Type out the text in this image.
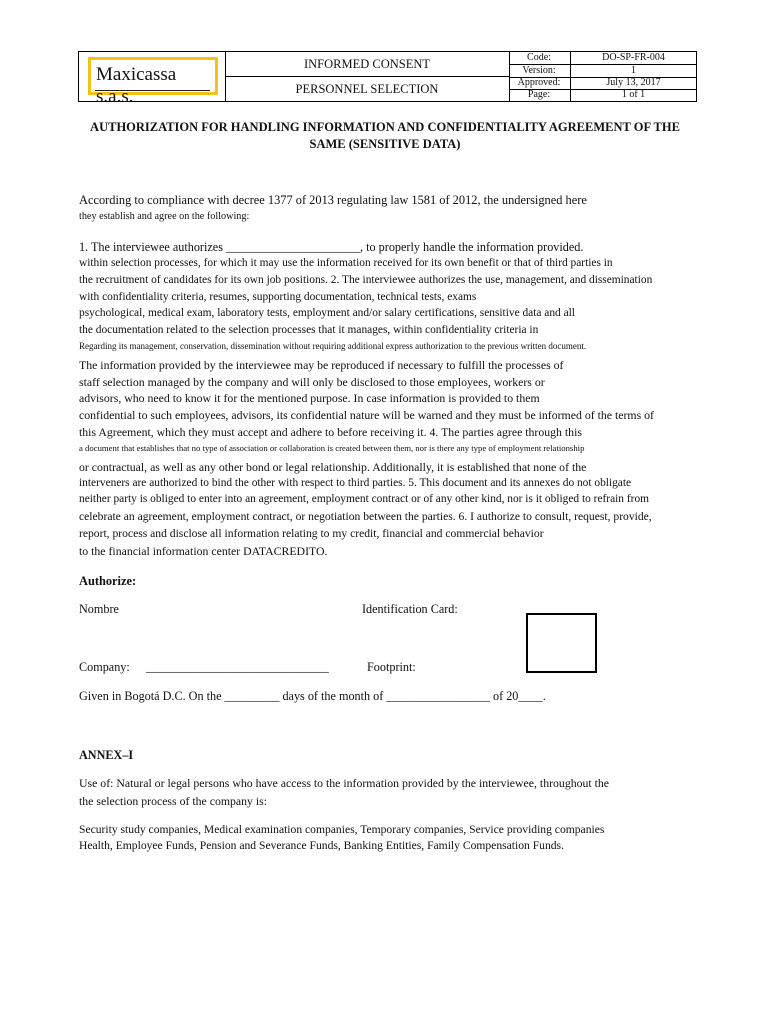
Maxicassa s.a.s.
INFORMED CONSENT
PERSONNEL SELECTION
Code:	DO-SP-FR-004
Version:	1
Approved:	July 13, 2017
Page:	1 of 1
AUTHORIZATION FOR HANDLING INFORMATION AND CONFIDENTIALITY AGREEMENT OF THE
SAME (SENSITIVE DATA)
According to compliance with decree 1377 of 2013 regulating law 1581 of 2012, the undersigned here
they establish and agree on the following:
1. The interviewee authorizes ______________________, to properly handle the information provided.
within selection processes, for which it may use the information received for its own benefit or that of third parties in
the recruitment of candidates for its own job positions. 2. The interviewee authorizes the use, management, and dissemination
with confidentiality criteria, resumes, supporting documentation, technical tests, exams
psychological, medical exam, laboratory tests, employment and/or salary certifications, sensitive data and all
the documentation related to the selection processes that it manages, within confidentiality criteria in
Regarding its management, conservation, dissemination without requiring additional express authorization to the previous written document.
The information provided by the interviewee may be reproduced if necessary to fulfill the processes of
staff selection managed by the company and will only be disclosed to those employees, workers or
advisors, who need to know it for the mentioned purpose. In case information is provided to them
confidential to such employees, advisors, its confidential nature will be warned and they must be informed of the terms of
this Agreement, which they must accept and adhere to before receiving it. 4. The parties agree through this
a document that establishes that no type of association or collaboration is created between them, nor is there any type of employment relationship
or contractual, as well as any other bond or legal relationship. Additionally, it is established that none of the
interveners are authorized to bind the other with respect to third parties. 5. This document and its annexes do not obligate
neither party is obliged to enter into an agreement, employment contract or of any other kind, nor is it obliged to refrain from
celebrate an agreement, employment contract, or negotiation between the parties. 6. I authorize to consult, request, provide,
report, process and disclose all information relating to my credit, financial and commercial behavior
to the financial information center DATACREDITO.
Authorize:
Nombre	Identification Card:
Company: ______________________________	Footprint:
Given in Bogotá D.C. On the _________ days of the month of _________________ of 20____.
ANNEX–I
Use of: Natural or legal persons who have access to the information provided by the interviewee, throughout the
the selection process of the company is:
Security study companies, Medical examination companies, Temporary companies, Service providing companies
Health, Employee Funds, Pension and Severance Funds, Banking Entities, Family Compensation Funds.
